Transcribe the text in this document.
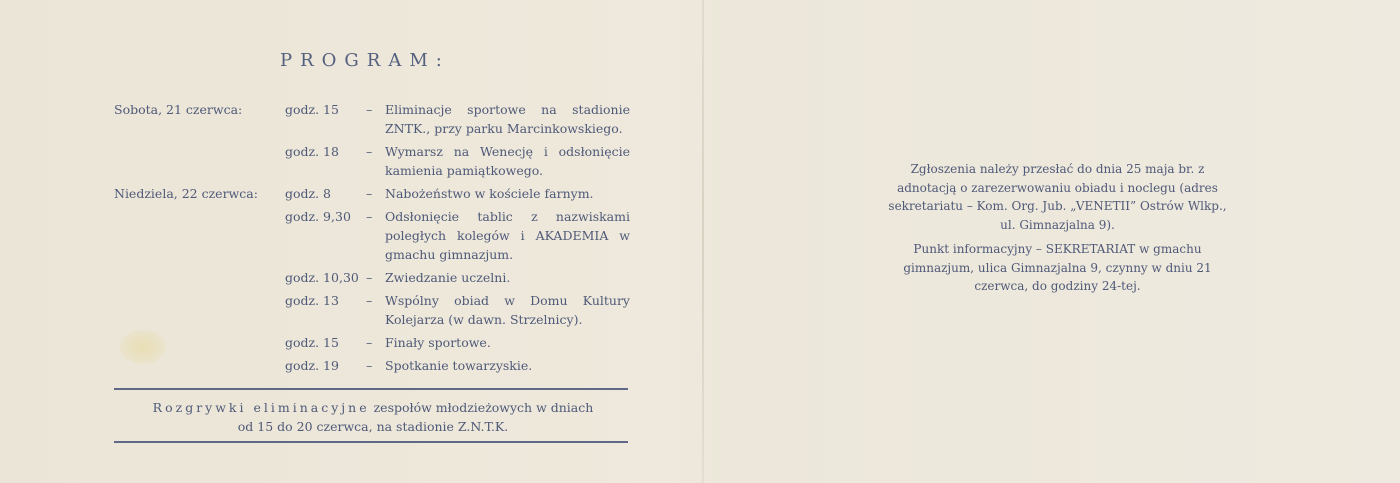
PROGRAM:
Sobota, 21 czerwca:	godz. 15	–	Eliminacje sportowe na stadionie ZNTK., przy parku Marcinkowskiego.
godz. 18	–	Wymarsz na Wenecję i odsłonięcie kamienia pamiątkowego.
Niedziela, 22 czerwca:	godz. 8	–	Nabożeństwo w kościele farnym.
godz. 9,30	–	Odsłonięcie tablic z nazwiskami poległych kolegów i AKADEMIA w gmachu gimnazjum.
godz. 10,30 –	Zwiedzanie uczelni.
godz. 13	–	Wspólny obiad w Domu Kultury Kolejarza (w dawn. Strzelnicy).
godz. 15	–	Finały sportowe.
godz. 19	–	Spotkanie towarzyskie.
Rozgrywki eliminacyjne zespołów młodzieżowych w dniach
od 15 do 20 czerwca, na stadionie Z.N.T.K.

Zgłoszenia należy przesłać do dnia 25 maja br. z adnotacją o zarezerwowaniu obiadu i noclegu (adres sekretariatu – Kom. Org. Jub. „VENETII” Ostrów Wlkp., ul. Gimnazjalna 9).

Punkt informacyjny – SEKRETARIAT w gmachu gimnazjum, ulica Gimnazjalna 9, czynny w dniu 21 czerwca, do godziny 24-tej.
